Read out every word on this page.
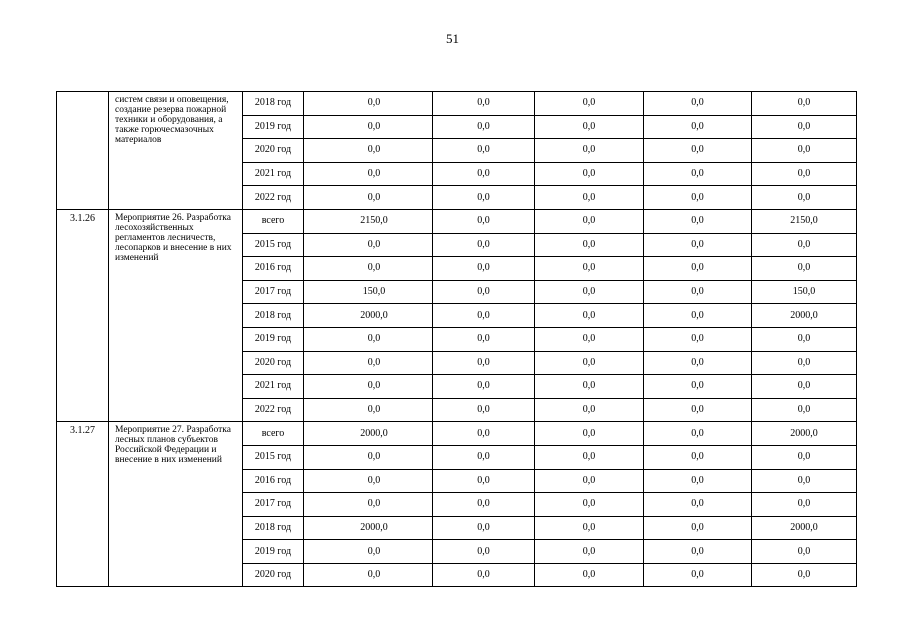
51
	систем связи и оповещения, создание резерва пожарной техники и оборудования, а также горючесмазочных материалов	2018 год	0,0	0,0	0,0	0,0	0,0
		2019 год	0,0	0,0	0,0	0,0	0,0
		2020 год	0,0	0,0	0,0	0,0	0,0
		2021 год	0,0	0,0	0,0	0,0	0,0
		2022 год	0,0	0,0	0,0	0,0	0,0
3.1.26	Мероприятие 26. Разработка лесохозяйственных регламентов лесничеств, лесопарков и внесение в них изменений	всего	2150,0	0,0	0,0	0,0	2150,0
		2015 год	0,0	0,0	0,0	0,0	0,0
		2016 год	0,0	0,0	0,0	0,0	0,0
		2017 год	150,0	0,0	0,0	0,0	150,0
		2018 год	2000,0	0,0	0,0	0,0	2000,0
		2019 год	0,0	0,0	0,0	0,0	0,0
		2020 год	0,0	0,0	0,0	0,0	0,0
		2021 год	0,0	0,0	0,0	0,0	0,0
		2022 год	0,0	0,0	0,0	0,0	0,0
3.1.27	Мероприятие 27. Разработка лесных планов субъектов Российской Федерации и внесение в них изменений	всего	2000,0	0,0	0,0	0,0	2000,0
		2015 год	0,0	0,0	0,0	0,0	0,0
		2016 год	0,0	0,0	0,0	0,0	0,0
		2017 год	0,0	0,0	0,0	0,0	0,0
		2018 год	2000,0	0,0	0,0	0,0	2000,0
		2019 год	0,0	0,0	0,0	0,0	0,0
		2020 год	0,0	0,0	0,0	0,0	0,0
